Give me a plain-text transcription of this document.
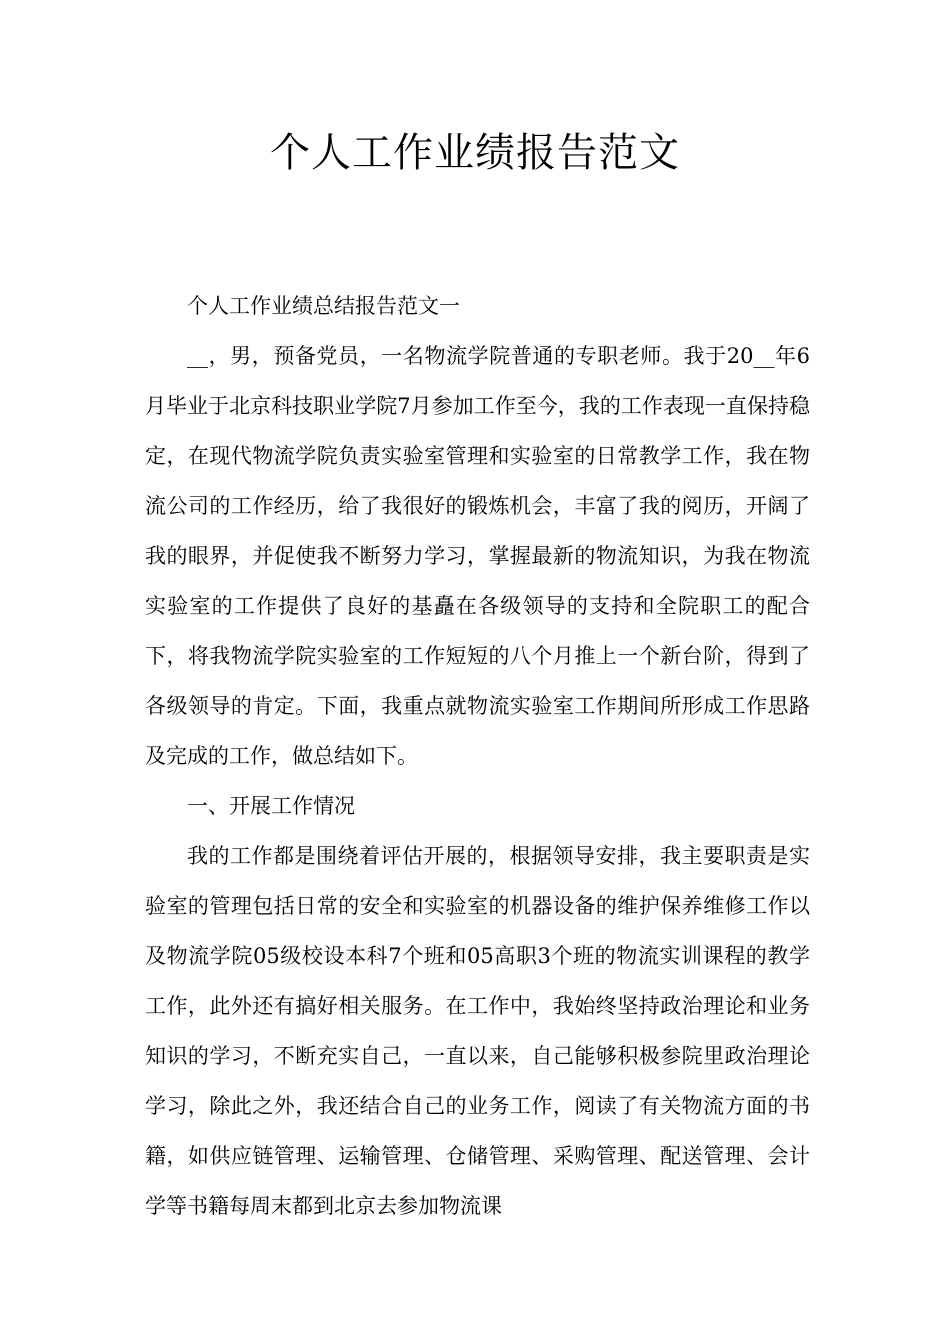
个人工作业绩报告范文

个人工作业绩总结报告范文一

__，男，预备党员，一名物流学院普通的专职老师。我于20__年6月毕业于北京科技职业学院7月参加工作至今，我的工作表现一直保持稳定，在现代物流学院负责实验室管理和实验室的日常教学工作，我在物流公司的工作经历，给了我很好的锻炼机会，丰富了我的阅历，开阔了我的眼界，并促使我不断努力学习，掌握最新的物流知识，为我在物流实验室的工作提供了良好的基矗在各级领导的支持和全院职工的配合下，将我物流学院实验室的工作短短的八个月推上一个新台阶，得到了各级领导的肯定。下面，我重点就物流实验室工作期间所形成工作思路及完成的工作，做总结如下。

一、开展工作情况

我的工作都是围绕着评估开展的，根据领导安排，我主要职责是实验室的管理包括日常的安全和实验室的机器设备的维护保养维修工作以及物流学院05级校设本科7个班和05高职3个班的物流实训课程的教学工作，此外还有搞好相关服务。在工作中，我始终坚持政治理论和业务知识的学习，不断充实自己，一直以来，自己能够积极参院里政治理论学习，除此之外，我还结合自己的业务工作，阅读了有关物流方面的书籍，如供应链管理、运输管理、仓储管理、采购管理、配送管理、会计学等书籍每周末都到北京去参加物流课
